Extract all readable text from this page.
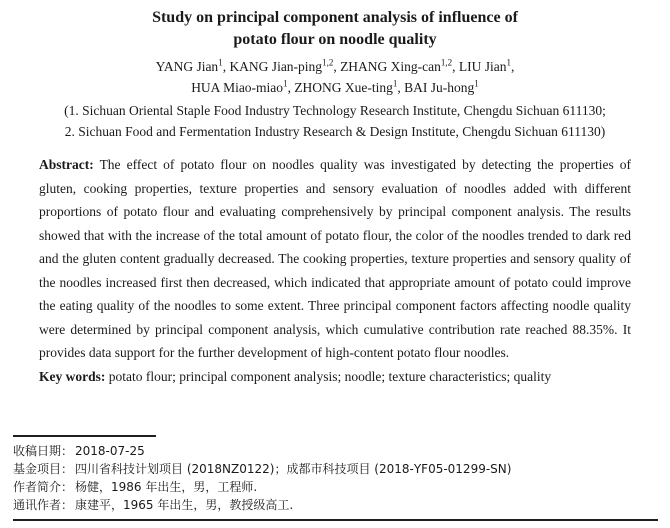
Study on principal component analysis of influence of
potato flour on noodle quality
YANG Jian$^1$, KANG Jian-ping$^{1,2}$, ZHANG Xing-can$^{1,2}$, LIU Jian$^1$,
HUA Miao-miao$^1$, ZHONG Xue-ting$^1$, BAI Ju-hong$^1$
(1. Sichuan Oriental Staple Food Industry Technology Research Institute, Chengdu Sichuan 611130;
2. Sichuan Food and Fermentation Industry Research & Design Institute, Chengdu Sichuan 611130)

Abstract: The effect of potato flour on noodles quality was investigated by detecting the properties of gluten, cooking properties, texture properties and sensory evaluation of noodles added with different proportions of potato flour and evaluating comprehensively by principal component analysis. The results showed that with the increase of the total amount of potato flour, the color of the noodles trended to dark red and the gluten content gradually decreased. The cooking properties, texture properties and sensory quality of the noodles increased first then decreased, which indicated that appropriate amount of potato could improve the eating quality of the noodles to some extent. Three principal component factors affecting noodle quality were determined by principal component analysis, which cumulative contribution rate reached 88.35%. It provides data support for the further development of high-content potato flour noodles.

Key words: potato flour; principal component analysis; noodle; texture characteristics; quality

收稿日期： 2018-07-25
基金项目： 四川省科技计划项目 (2018NZ0122)；成都市科技项目 (2018-YF05-01299-SN)
作者简介： 杨健，1986 年出生，男，工程师.
通讯作者： 康建平，1965 年出生，男，教授级高工.
